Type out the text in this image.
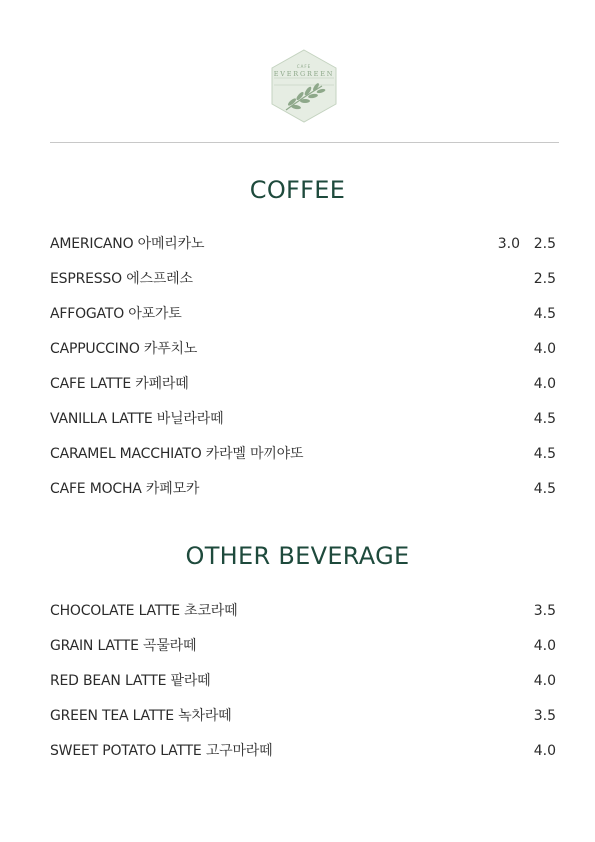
CAFE
EVERGREEN
COFFEE
AMERICANO 아메리카노	3.0 2.5
ESPRESSO 에스프레소	2.5
AFFOGATO 아포가토	4.5
CAPPUCCINO 카푸치노	4.0
CAFE LATTE 카페라떼	4.0
VANILLA LATTE 바닐라라떼	4.5
CARAMEL MACCHIATO 카라멜 마끼야또	4.5
CAFE MOCHA 카페모카	4.5
OTHER BEVERAGE
CHOCOLATE LATTE 초코라떼	3.5
GRAIN LATTE 곡물라떼	4.0
RED BEAN LATTE 팥라떼	4.0
GREEN TEA LATTE 녹차라떼	3.5
SWEET POTATO LATTE 고구마라떼	4.0
